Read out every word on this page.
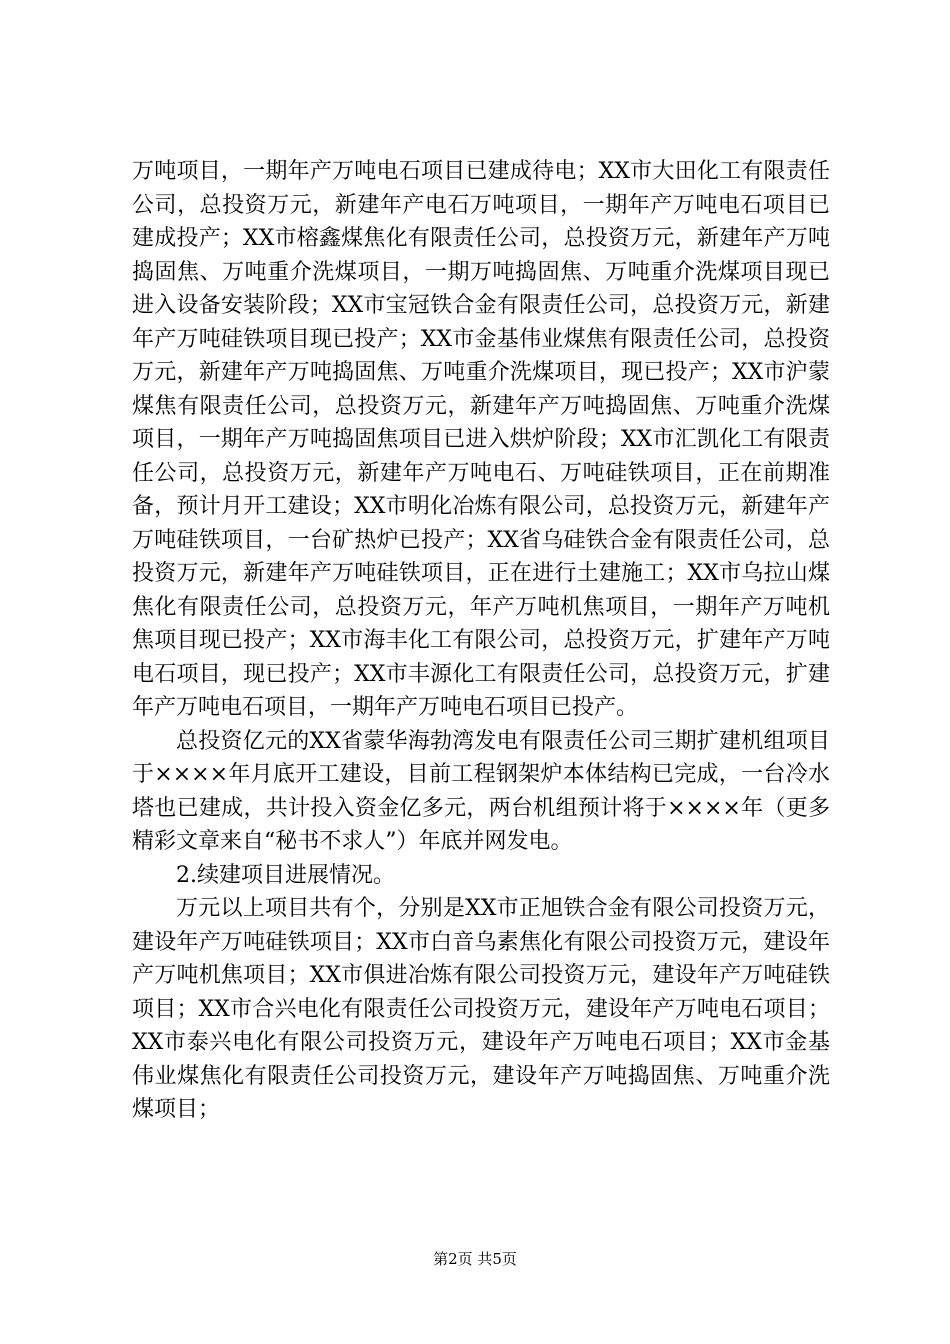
万吨项目，一期年产万吨电石项目已建成待电；XX市大田化工有限责任公司，总投资万元，新建年产电石万吨项目，一期年产万吨电石项目已建成投产；XX市榕鑫煤焦化有限责任公司，总投资万元，新建年产万吨捣固焦、万吨重介洗煤项目，一期万吨捣固焦、万吨重介洗煤项目现已进入设备安装阶段；XX市宝冠铁合金有限责任公司，总投资万元，新建年产万吨硅铁项目现已投产；XX市金基伟业煤焦有限责任公司，总投资万元，新建年产万吨捣固焦、万吨重介洗煤项目，现已投产；XX市沪蒙煤焦有限责任公司，总投资万元，新建年产万吨捣固焦、万吨重介洗煤项目，一期年产万吨捣固焦项目已进入烘炉阶段；XX市汇凯化工有限责任公司，总投资万元，新建年产万吨电石、万吨硅铁项目，正在前期准备，预计月开工建设；XX市明化冶炼有限公司，总投资万元，新建年产万吨硅铁项目，一台矿热炉已投产；XX省乌硅铁合金有限责任公司，总投资万元，新建年产万吨硅铁项目，正在进行土建施工；XX市乌拉山煤焦化有限责任公司，总投资万元，年产万吨机焦项目，一期年产万吨机焦项目现已投产；XX市海丰化工有限公司，总投资万元，扩建年产万吨电石项目，现已投产；XX市丰源化工有限责任公司，总投资万元，扩建年产万吨电石项目，一期年产万吨电石项目已投产。

总投资亿元的XX省蒙华海勃湾发电有限责任公司三期扩建机组项目于××××年月底开工建设，目前工程钢架炉本体结构已完成，一台冷水塔也已建成，共计投入资金亿多元，两台机组预计将于××××年（更多精彩文章来自“秘书不求人”）年底并网发电。

2.续建项目进展情况。

万元以上项目共有个，分别是XX市正旭铁合金有限公司投资万元，建设年产万吨硅铁项目；XX市白音乌素焦化有限公司投资万元，建设年产万吨机焦项目；XX市俱进冶炼有限公司投资万元，建设年产万吨硅铁项目；XX市合兴电化有限责任公司投资万元，建设年产万吨电石项目；XX市泰兴电化有限公司投资万元，建设年产万吨电石项目；XX市金基伟业煤焦化有限责任公司投资万元，建设年产万吨捣固焦、万吨重介洗煤项目；

第2页 共5页
